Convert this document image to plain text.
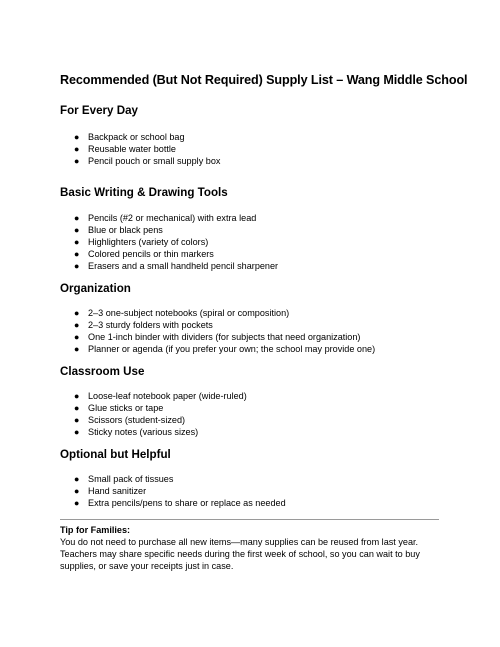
Recommended (But Not Required) Supply List – Wang Middle School
For Every Day
● Backpack or school bag
● Reusable water bottle
● Pencil pouch or small supply box
Basic Writing & Drawing Tools
● Pencils (#2 or mechanical) with extra lead
● Blue or black pens
● Highlighters (variety of colors)
● Colored pencils or thin markers
● Erasers and a small handheld pencil sharpener
Organization
● 2–3 one-subject notebooks (spiral or composition)
● 2–3 sturdy folders with pockets
● One 1-inch binder with dividers (for subjects that need organization)
● Planner or agenda (if you prefer your own; the school may provide one)
Classroom Use
● Loose-leaf notebook paper (wide-ruled)
● Glue sticks or tape
● Scissors (student-sized)
● Sticky notes (various sizes)
Optional but Helpful
● Small pack of tissues
● Hand sanitizer
● Extra pencils/pens to share or replace as needed

Tip for Families:

You do not need to purchase all new items—many supplies can be reused from last year.
Teachers may share specific needs during the first week of school, so you can wait to buy
supplies, or save your receipts just in case.
